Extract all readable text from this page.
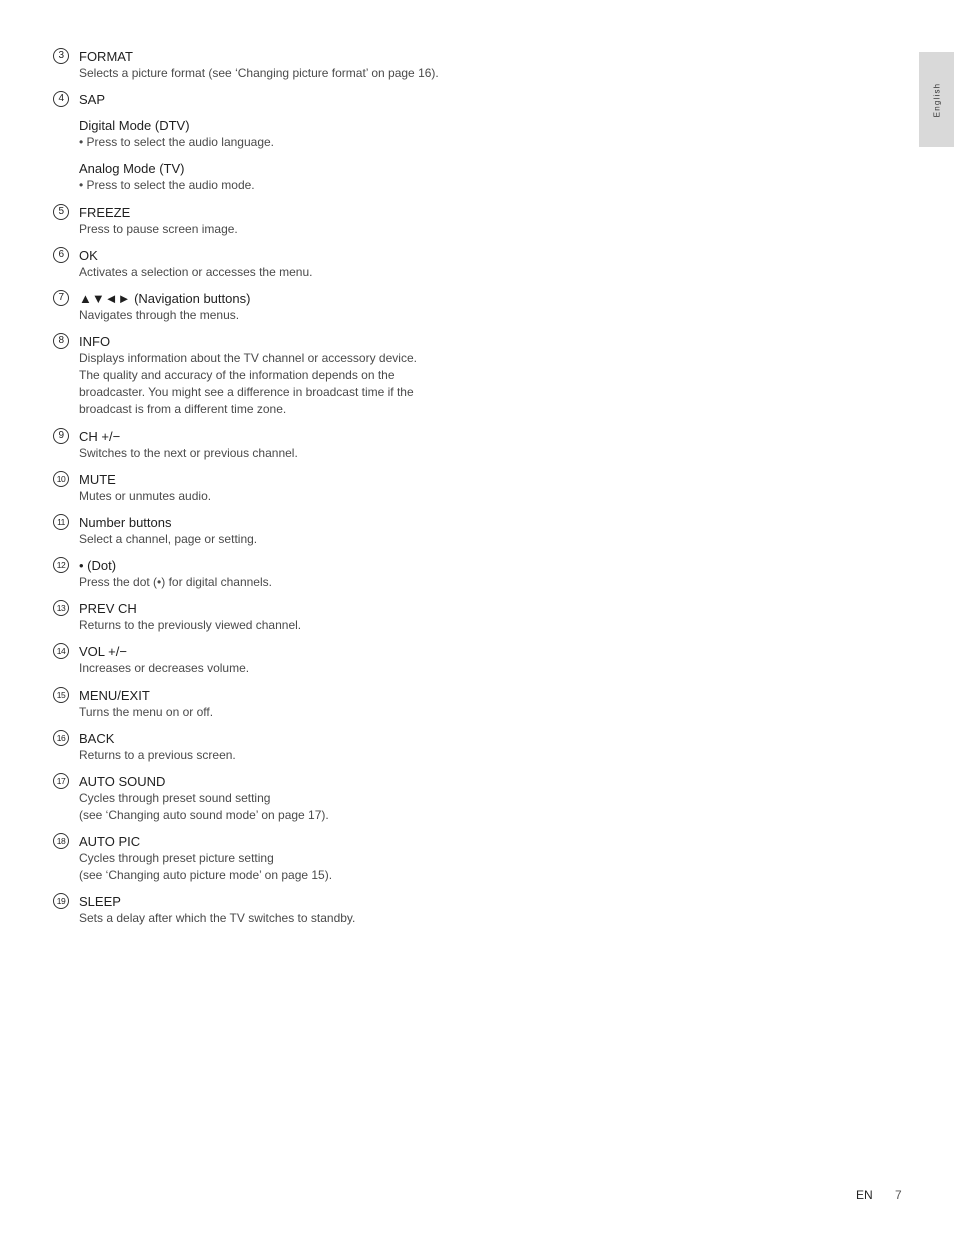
English
3	FORMAT
Selects a picture format (see ‘Changing picture format’ on page 16).
4	SAP
Digital Mode (DTV)
• Press to select the audio language.
Analog Mode (TV)
• Press to select the audio mode.
5	FREEZE
Press to pause screen image.
6	OK
Activates a selection or accesses the menu.
7	▲▼◄► (Navigation buttons)
Navigates through the menus.
8	INFO
Displays information about the TV channel or accessory device.
The quality and accuracy of the information depends on the
broadcaster. You might see a difference in broadcast time if the
broadcast is from a different time zone.
9	CH +/−
Switches to the next or previous channel.
10 MUTE
Mutes or unmutes audio.
11	Number buttons
Select a channel, page or setting.
12 • (Dot)
Press the dot (•) for digital channels.
13 PREV CH
Returns to the previously viewed channel.
14 VOL +/−
Increases or decreases volume.
15 MENU/EXIT
Turns the menu on or off.
16 BACK
Returns to a previous screen.
17 AUTO SOUND
Cycles through preset sound setting
(see ‘Changing auto sound mode’ on page 17).
18 AUTO PIC
Cycles through preset picture setting
(see ‘Changing auto picture mode’ on page 15).
19 SLEEP
Sets a delay after which the TV switches to standby.
EN 7
